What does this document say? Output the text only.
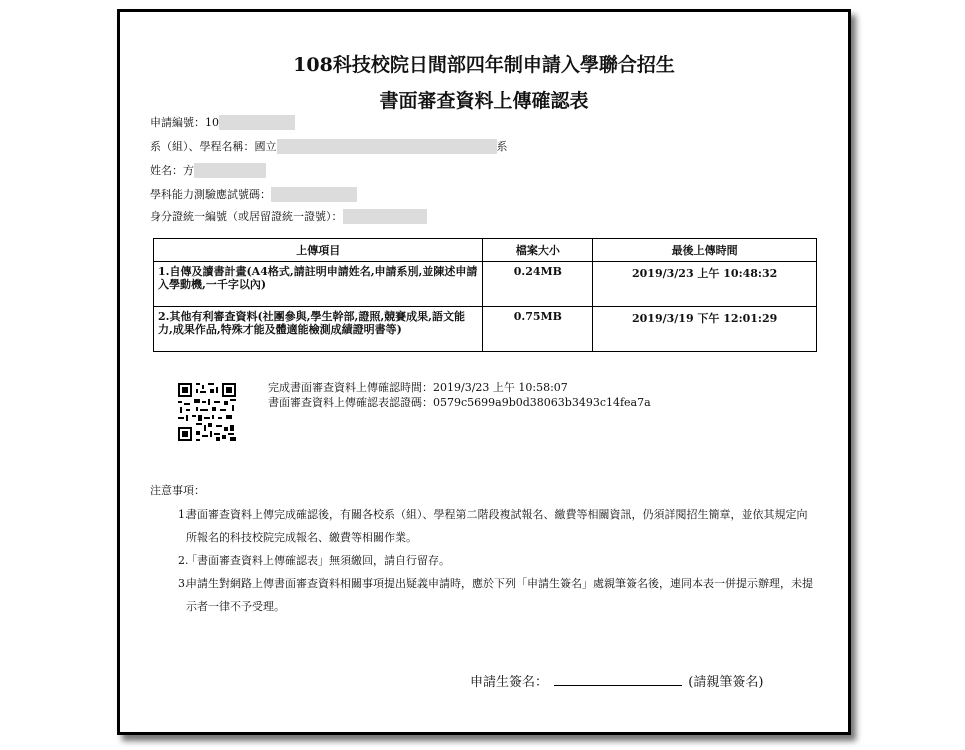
108科技校院日間部四年制申請入學聯合招生
書面審查資料上傳確認表
申請編號： 10
系（組）、學程名稱： 國立	系
姓名： 方
學科能力測驗應試號碼：
身分證統一編號（或居留證統一證號）：
上傳項目	檔案大小	最後上傳時間
1.自傳及讀書計畫(A4格式,請註明申請姓名,申請系別,並陳述申請入學動機,一千字以內)	0.24MB	2019/3/23 上午 10:48:32
2.其他有利審查資料(社團參與,學生幹部,證照,競賽成果,語文能力,成果作品,特殊才能及體適能檢測成績證明書等)	0.75MB	2019/3/19 下午 12:01:29
完成書面審查資料上傳確認時間：2019/3/23 上午 10:58:07
書面審查資料上傳確認表認證碼：0579c5699a9b0d38063b3493c14fea7a
注意事項：
1.
書面審查資料上傳完成確認後，有關各校系（組）、學程第二階段複試報名、繳費等相關資訊，仍須詳閱招生簡章，並依其規定向所報名的科技校院完成報名、繳費等相關作業。
2.
「書面審查資料上傳確認表」無須繳回，請自行留存。
3.
申請生對網路上傳書面審查資料相關事項提出疑義申請時，應於下列「申請生簽名」處親筆簽名後，連同本表一併提示辦理，未提示者一律不予受理。
申請生簽名：	(請親筆簽名)
